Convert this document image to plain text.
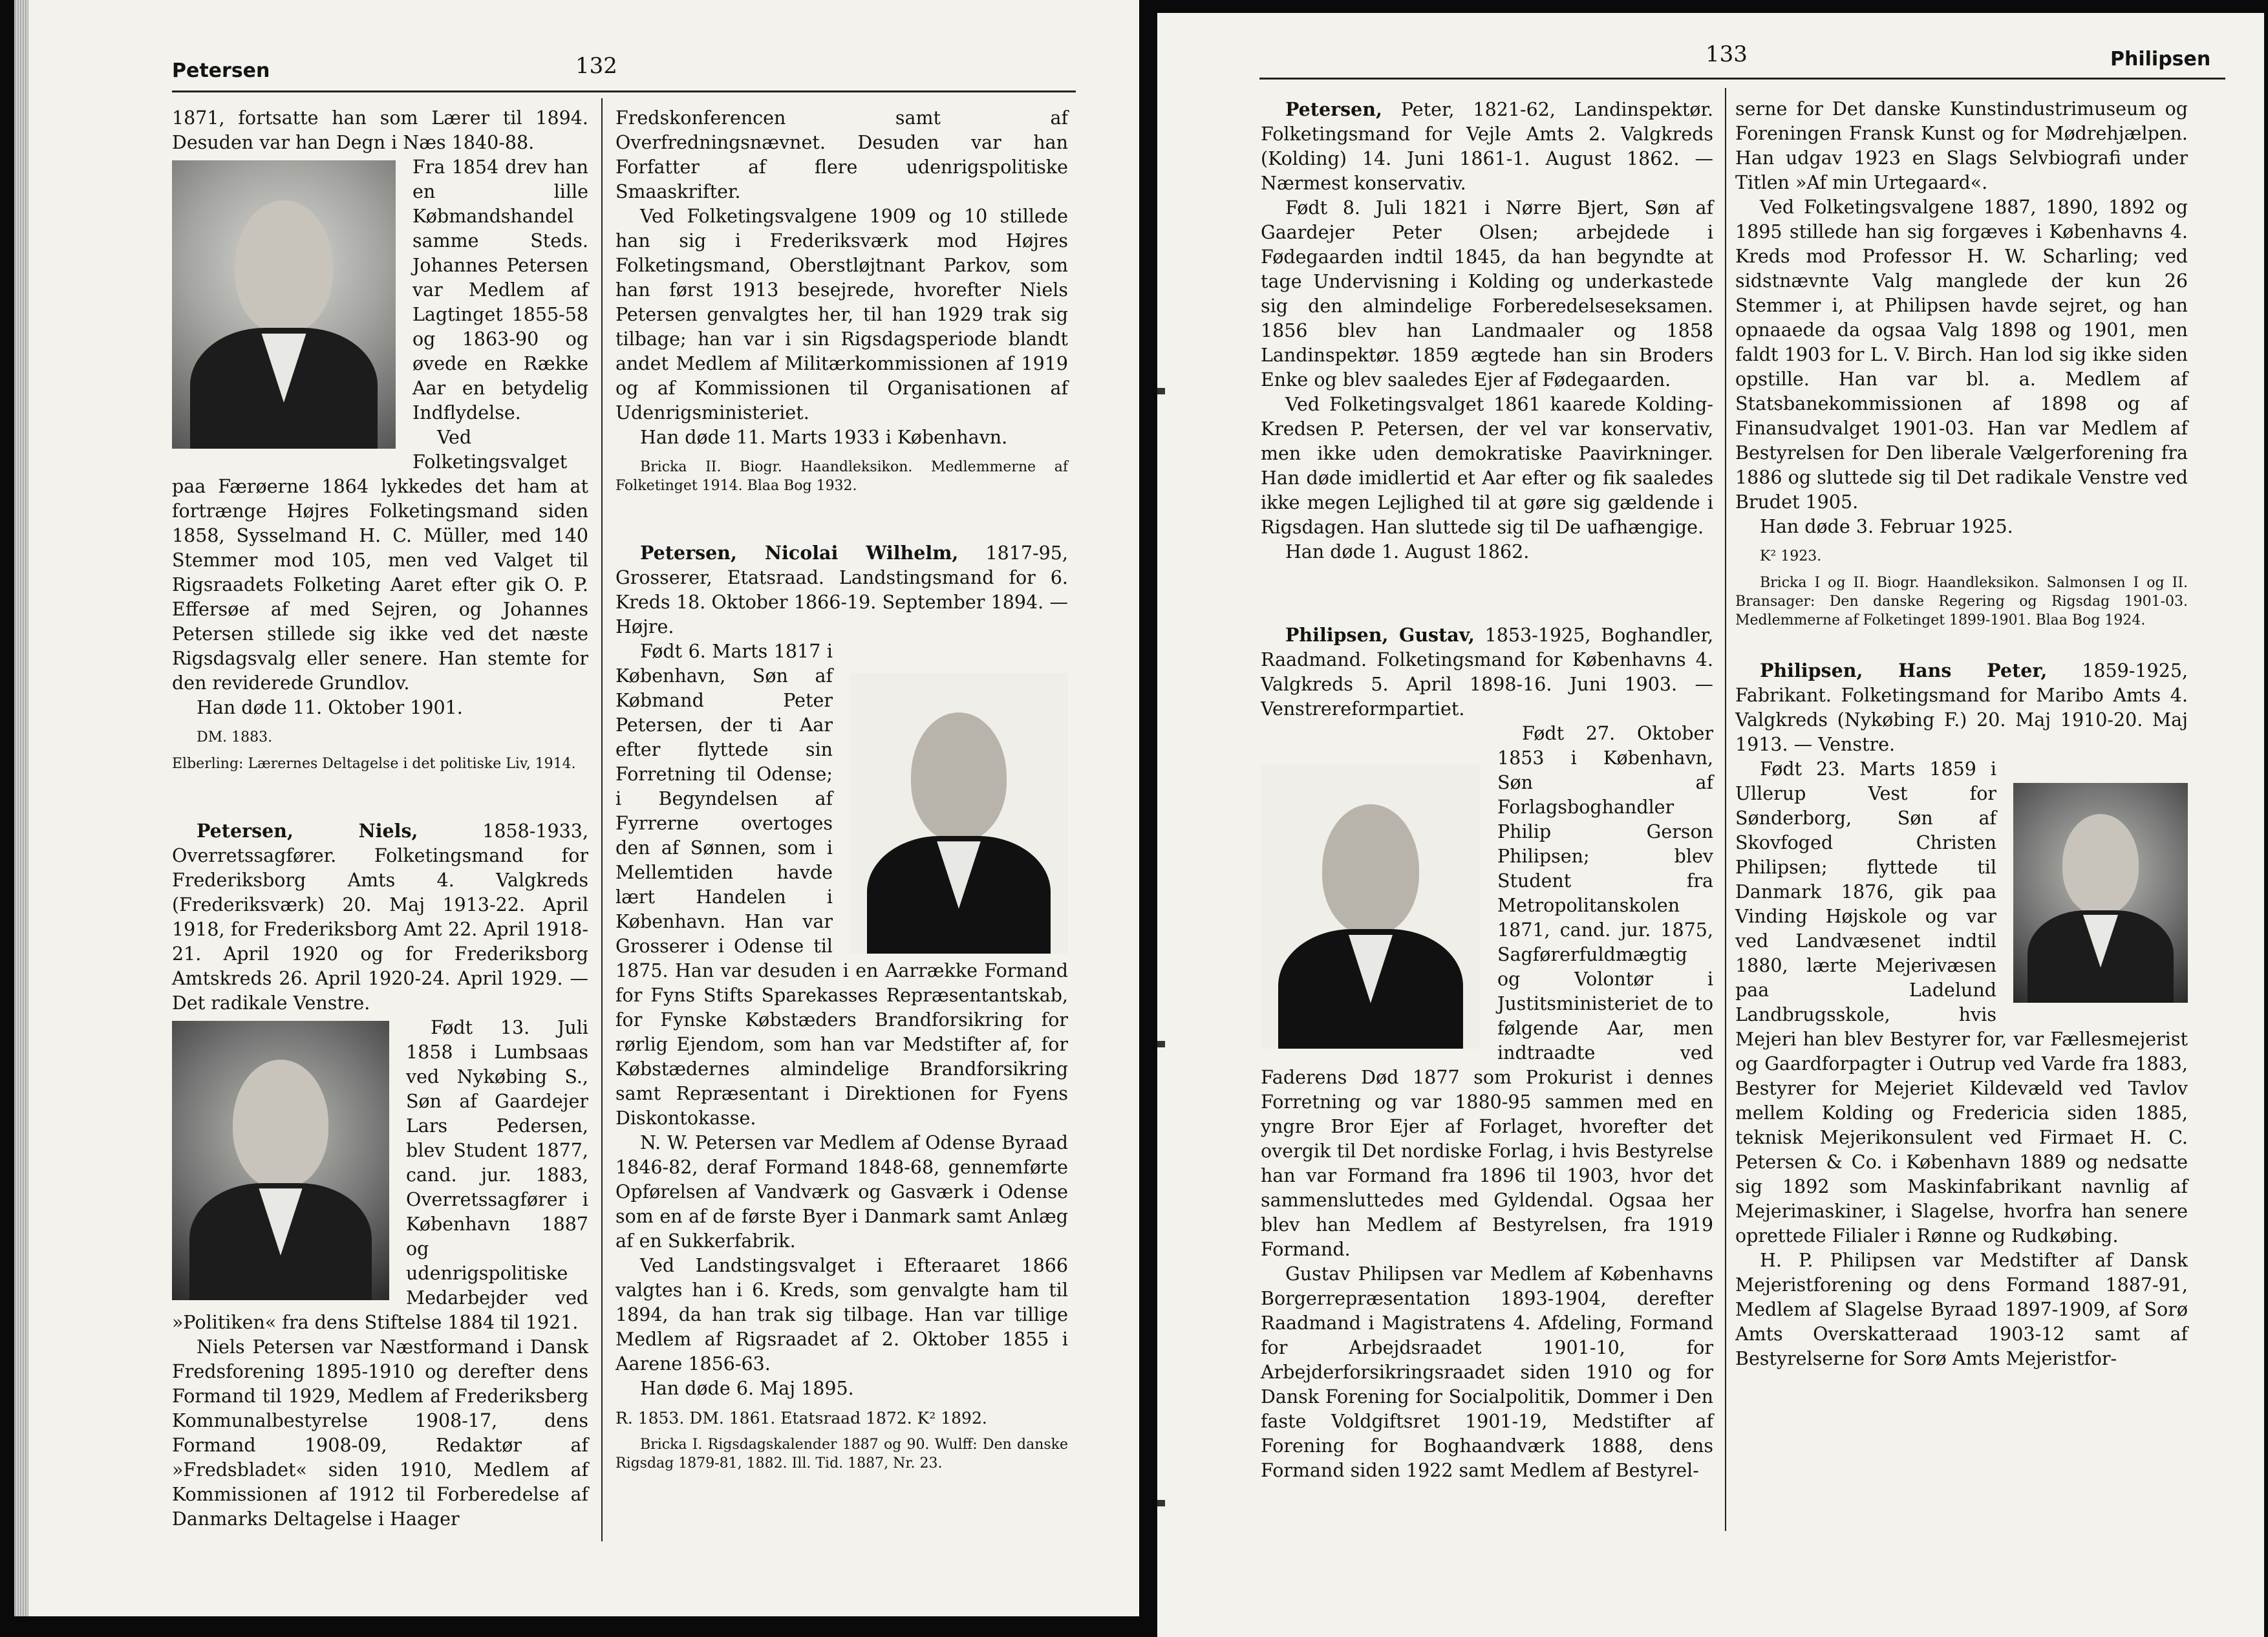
Petersen	132

1871, fortsatte han som Lærer til 1894. Desuden var han Degn i Næs 1840-88.

Fra 1854 drev han en lille Købmandshandel samme Steds. Johannes Petersen var Medlem af Lagtinget 1855-58 og 1863-90 og øvede en Række Aar en betydelig Indflydelse.

Ved Folketingsvalget paa Færøerne 1864 lykkedes det ham at fortrænge Højres Folketingsmand siden 1858, Sysselmand H. C. Müller, med 140 Stemmer mod 105, men ved Valget til Rigsraadets Folketing Aaret efter gik O. P. Effersøe af med Sejren, og Johannes Petersen stillede sig ikke ved det næste Rigsdagsvalg eller senere. Han stemte for den reviderede Grundlov.

Han døde 11. Oktober 1901.

DM. 1883.

Elberling: Lærernes Deltagelse i det politiske Liv, 1914.

Petersen, Niels,	1858-1933, Overretssagfører. Folketingsmand for Frederiksborg Amts 4. Valgkreds (Frederiksværk) 20. Maj 1913-22. April 1918, for Frederiksborg Amt 22. April 1918-21. April 1920 og for Frederiksborg Amtskreds 26. April 1920-24. April 1929. — Det radikale Venstre.

Født 13. Juli 1858 i Lumbsaas ved Nykøbing S., Søn af Gaardejer Lars Pedersen, blev Student 1877, cand. jur. 1883, Overretssagfører i København 1887 og udenrigspolitiske Medarbejder ved »Politiken« fra dens Stiftelse 1884 til 1921.

Niels Petersen var Næstformand i Dansk Fredsforening 1895-1910 og derefter dens Formand til 1929, Medlem af Frederiksberg Kommunalbestyrelse 1908-17, dens Formand 1908-09, Redaktør af »Fredsbladet« siden 1910, Medlem af Kommissionen af 1912 til Forberedelse af Danmarks Deltagelse i Haager

Fredskonferencen samt af Overfredningsnævnet. Desuden var han Forfatter af flere udenrigspolitiske Smaaskrifter.

Ved Folketingsvalgene 1909 og 10 stillede han sig i Frederiksværk mod Højres Folketingsmand, Oberstløjtnant Parkov, som han først 1913 besejrede, hvorefter Niels Petersen genvalgtes her, til han 1929 trak sig tilbage; han var i sin Rigsdagsperiode blandt andet Medlem af Militærkommissionen af 1919 og af Kommissionen til Organisationen af Udenrigsministeriet.

Han døde 11. Marts 1933 i København.

Bricka II. Biogr. Haandleksikon. Medlemmerne af Folketinget 1914. Blaa Bog 1932.

Petersen, Nicolai Wilhelm, 1817-95, Grosserer, Etatsraad. Landstingsmand for 6. Kreds 18. Oktober 1866-19. September 1894. — Højre.

Født 6. Marts 1817 i København, Søn af Købmand Peter Petersen, der ti Aar efter flyttede sin Forretning til Odense; i Begyndelsen af Fyrrerne overtoges den af Sønnen, som i Mellemtiden havde lært Handelen i København. Han var Grosserer i Odense til 1875. Han var desuden i en Aarrække Formand for Fyns Stifts Sparekasses Repræsentantskab, for Fynske Købstæders Brandforsikring for rørlig Ejendom, som han var Medstifter af, for Købstædernes almindelige Brandforsikring samt Repræsentant i Direktionen for Fyens Diskontokasse.

N. W. Petersen var Medlem af Odense Byraad 1846-82, deraf Formand 1848-68, gennemførte Opførelsen af Vandværk og Gasværk i Odense som en af de første Byer i Danmark samt Anlæg af en Sukkerfabrik.

Ved Landstingsvalget i Efteraaret 1866 valgtes han i 6. Kreds, som genvalgte ham til 1894, da han trak sig tilbage. Han var tillige Medlem af Rigsraadet af 2. Oktober 1855 i Aarene 1856-63.

Han døde 6. Maj 1895.

R. 1853. DM. 1861. Etatsraad 1872. K² 1892.

Bricka I. Rigsdagskalender 1887 og 90. Wulff: Den danske Rigsdag 1879-81, 1882. Ill. Tid. 1887, Nr. 23.

133	Philipsen

Petersen, Peter, 1821-62, Landinspektør. Folketingsmand for Vejle Amts 2. Valgkreds (Kolding) 14. Juni 1861-1. August 1862. — Nærmest konservativ.

Født 8. Juli 1821 i Nørre Bjert, Søn af Gaardejer Peter Olsen; arbejdede i Fødegaarden indtil 1845, da han begyndte at tage Undervisning i Kolding og underkastede sig den almindelige Forberedelseseksamen. 1856 blev han Landmaaler og 1858 Landinspektør. 1859 ægtede han sin Broders Enke og blev saaledes Ejer af Fødegaarden.

Ved Folketingsvalget 1861 kaarede Kolding-Kredsen P. Petersen, der vel var konservativ, men ikke uden demokratiske Paavirkninger. Han døde imidlertid et Aar efter og fik saaledes ikke megen Lejlighed til at gøre sig gældende i Rigsdagen. Han sluttede sig til De uafhængige.

Han døde 1. August 1862.

Philipsen, Gustav, 1853-1925, Boghandler, Raadmand. Folketingsmand for Københavns 4. Valgkreds 5. April 1898-16. Juni 1903. — Venstrereformpartiet.

Født 27. Oktober 1853 i København, Søn af Forlagsboghandler Philip Gerson Philipsen; blev Student fra Metropolitanskolen 1871, cand. jur. 1875, Sagførerfuldmægtig og Volontør i Justitsministeriet de to følgende Aar, men indtraadte ved Faderens Død 1877 som Prokurist i dennes Forretning og var 1880-95 sammen med en yngre Bror Ejer af Forlaget, hvorefter det overgik til Det nordiske Forlag, i hvis Bestyrelse han var Formand fra 1896 til 1903, hvor det sammensluttedes med Gyldendal. Ogsaa her blev han Medlem af Bestyrelsen, fra 1919 Formand.

Gustav Philipsen var Medlem af Københavns Borgerrepræsentation 1893-1904, derefter Raadmand i Magistratens 4. Afdeling, Formand for Arbejdsraadet 1901-10, for Arbejderforsikringsraadet siden 1910 og for Dansk Forening for Socialpolitik, Dommer i Den faste Voldgiftsret 1901-19, Medstifter af Forening for Boghaandværk 1888, dens Formand siden 1922 samt Medlem af Bestyrel-

serne for Det danske Kunstindustrimuseum og Foreningen Fransk Kunst og for Mødrehjælpen. Han udgav 1923 en Slags Selvbiografi under Titlen »Af min Urtegaard«.

Ved Folketingsvalgene 1887, 1890, 1892 og 1895 stillede han sig forgæves i Københavns 4. Kreds mod Professor H. W. Scharling; ved sidstnævnte Valg manglede der kun 26 Stemmer i, at Philipsen havde sejret, og han opnaaede da ogsaa Valg 1898 og 1901, men faldt 1903 for L. V. Birch. Han lod sig ikke siden opstille. Han var bl. a. Medlem af Statsbanekommissionen af 1898 og af Finansudvalget 1901-03. Han var Medlem af Bestyrelsen for Den liberale Vælgerforening fra 1886 og sluttede sig til Det radikale Venstre ved Brudet 1905.

Han døde 3. Februar 1925.

K² 1923.

Bricka I og II. Biogr. Haandleksikon. Salmonsen I og II. Bransager: Den danske Regering og Rigsdag 1901-03. Medlemmerne af Folketinget 1899-1901. Blaa Bog 1924.

Philipsen, Hans Peter, 1859-1925, Fabrikant. Folketingsmand for Maribo Amts 4. Valgkreds (Nykøbing F.) 20. Maj 1910-20. Maj 1913. — Venstre.

Født 23. Marts 1859 i Ullerup Vest for Sønderborg, Søn af Skovfoged Christen Philipsen; flyttede til Danmark 1876, gik paa Vinding Højskole og var ved Landvæsenet indtil 1880, lærte Mejerivæsen paa Ladelund Landbrugsskole, hvis Mejeri han blev Bestyrer for, var Fællesmejerist og Gaardforpagter i Outrup ved Varde fra 1883, Bestyrer for Mejeriet Kildevæld ved Tavlov mellem Kolding og Fredericia siden 1885, teknisk Mejerikonsulent ved Firmaet H. C. Petersen & Co. i København 1889 og nedsatte sig 1892 som Maskinfabrikant navnlig af Mejerimaskiner, i Slagelse, hvorfra han senere oprettede Filialer i Rønne og Rudkøbing.

H. P. Philipsen var Medstifter af Dansk Mejeristforening og dens Formand 1887-91, Medlem af Slagelse Byraad 1897-1909, af Sorø Amts Overskatteraad 1903-12 samt af Bestyrelserne for Sorø Amts Mejeristfor-
